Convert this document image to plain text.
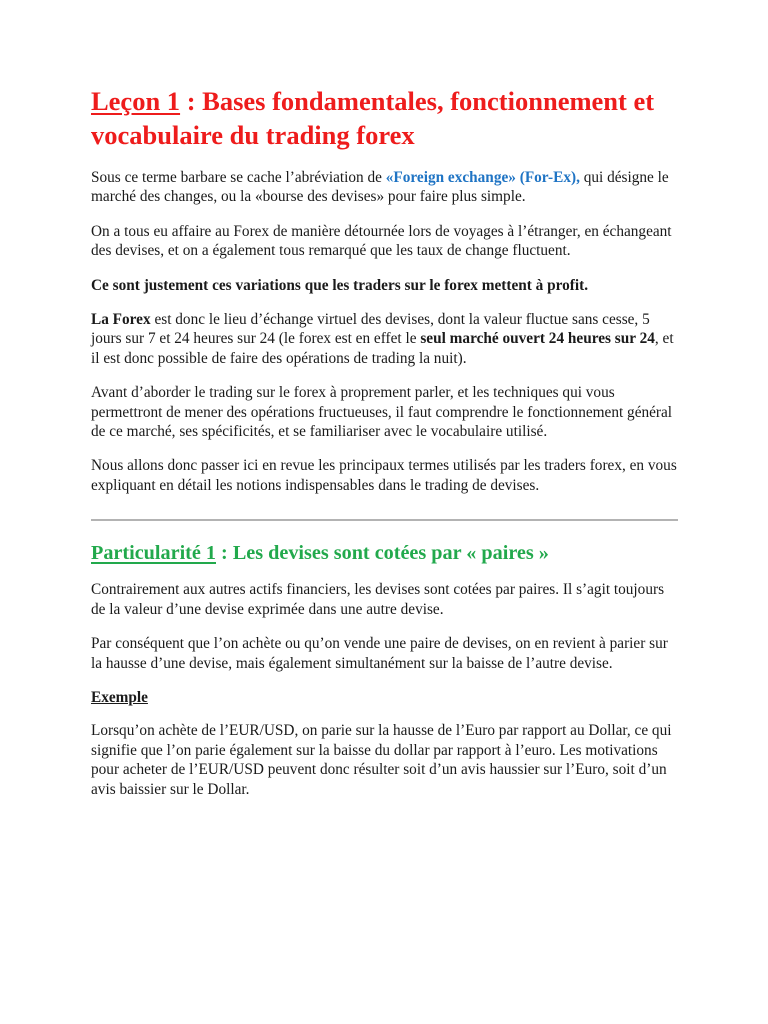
Leçon 1 : Bases fondamentales, fonctionnement et vocabulaire du trading forex

Sous ce terme barbare se cache l’abréviation de «Foreign exchange» (For-Ex), qui désigne le marché des changes, ou la «bourse des devises» pour faire plus simple.

On a tous eu affaire au Forex de manière détournée lors de voyages à l’étranger, en échangeant des devises, et on a également tous remarqué que les taux de change fluctuent.

Ce sont justement ces variations que les traders sur le forex mettent à profit.

La Forex est donc le lieu d’échange virtuel des devises, dont la valeur fluctue sans cesse, 5 jours sur 7 et 24 heures sur 24 (le forex est en effet le seul marché ouvert 24 heures sur 24, et il est donc possible de faire des opérations de trading la nuit).

Avant d’aborder le trading sur le forex à proprement parler, et les techniques qui vous permettront de mener des opérations fructueuses, il faut comprendre le fonctionnement général de ce marché, ses spécificités, et se familiariser avec le vocabulaire utilisé.

Nous allons donc passer ici en revue les principaux termes utilisés par les traders forex, en vous expliquant en détail les notions indispensables dans le trading de devises.

Particularité 1 : Les devises sont cotées par « paires »

Contrairement aux autres actifs financiers, les devises sont cotées par paires. Il s’agit toujours de la valeur d’une devise exprimée dans une autre devise.

Par conséquent que l’on achète ou qu’on vende une paire de devises, on en revient à parier sur la hausse d’une devise, mais également simultanément sur la baisse de l’autre devise.

Exemple

Lorsqu’on achète de l’EUR/USD, on parie sur la hausse de l’Euro par rapport au Dollar, ce qui signifie que l’on parie également sur la baisse du dollar par rapport à l’euro. Les motivations pour acheter de l’EUR/USD peuvent donc résulter soit d’un avis haussier sur l’Euro, soit d’un avis baissier sur le Dollar.
